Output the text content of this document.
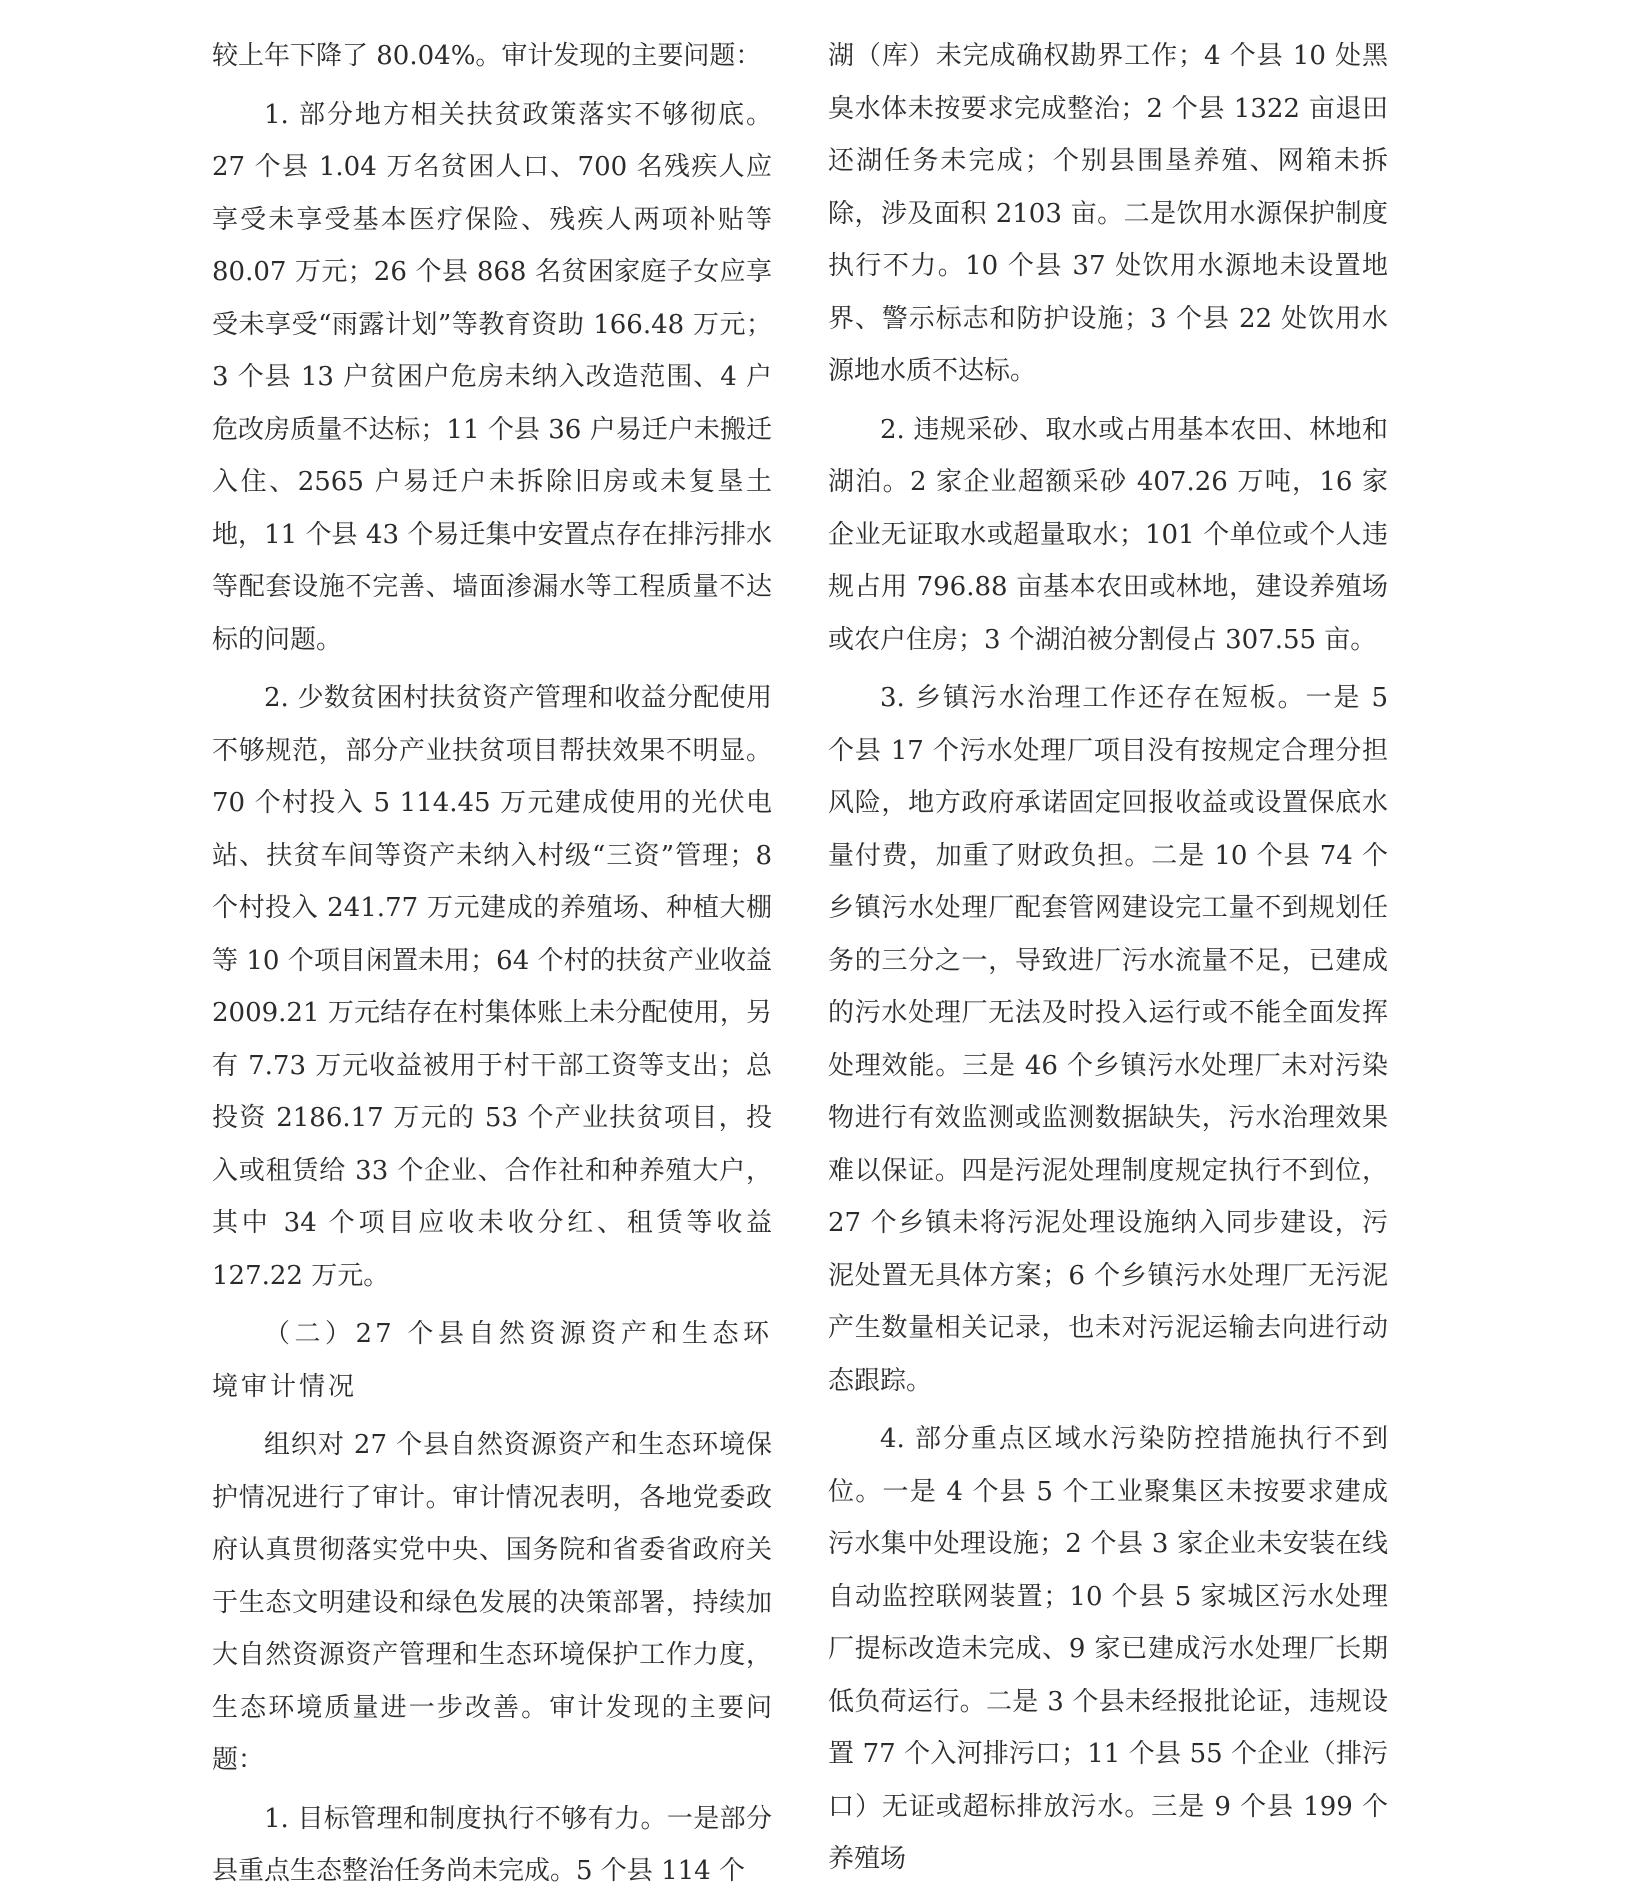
较上年下降了 80.04%。审计发现的主要问题：

1. 部分地方相关扶贫政策落实不够彻底。27 个县 1.04 万名贫困人口、700 名残疾人应享受未享受基本医疗保险、残疾人两项补贴等 80.07 万元；26 个县 868 名贫困家庭子女应享受未享受“雨露计划”等教育资助 166.48 万元；3 个县 13 户贫困户危房未纳入改造范围、4 户危改房质量不达标；11 个县 36 户易迁户未搬迁入住、2565 户易迁户未拆除旧房或未复垦土地，11 个县 43 个易迁集中安置点存在排污排水等配套设施不完善、墙面渗漏水等工程质量不达标的问题。

2. 少数贫困村扶贫资产管理和收益分配使用不够规范，部分产业扶贫项目帮扶效果不明显。70 个村投入 5 114.45 万元建成使用的光伏电站、扶贫车间等资产未纳入村级“三资”管理；8 个村投入 241.77 万元建成的养殖场、种植大棚等 10 个项目闲置未用；64 个村的扶贫产业收益 2009.21 万元结存在村集体账上未分配使用，另有 7.73 万元收益被用于村干部工资等支出；总投资 2186.17 万元的 53 个产业扶贫项目，投入或租赁给 33 个企业、合作社和种养殖大户，其中 34 个项目应收未收分红、租赁等收益 127.22 万元。

（二）27 个县自然资源资产和生态环境审计情况

组织对 27 个县自然资源资产和生态环境保护情况进行了审计。审计情况表明，各地党委政府认真贯彻落实党中央、国务院和省委省政府关于生态文明建设和绿色发展的决策部署，持续加大自然资源资产管理和生态环境保护工作力度，生态环境质量进一步改善。审计发现的主要问题：

1. 目标管理和制度执行不够有力。一是部分县重点生态整治任务尚未完成。5 个县 114 个

湖（库）未完成确权勘界工作；4 个县 10 处黑臭水体未按要求完成整治；2 个县 1322 亩退田还湖任务未完成；个别县围垦养殖、网箱未拆除，涉及面积 2103 亩。二是饮用水源保护制度执行不力。10 个县 37 处饮用水源地未设置地界、警示标志和防护设施；3 个县 22 处饮用水源地水质不达标。

2. 违规采砂、取水或占用基本农田、林地和湖泊。2 家企业超额采砂 407.26 万吨，16 家企业无证取水或超量取水；101 个单位或个人违规占用 796.88 亩基本农田或林地，建设养殖场或农户住房；3 个湖泊被分割侵占 307.55 亩。

3. 乡镇污水治理工作还存在短板。一是 5 个县 17 个污水处理厂项目没有按规定合理分担风险，地方政府承诺固定回报收益或设置保底水量付费，加重了财政负担。二是 10 个县 74 个乡镇污水处理厂配套管网建设完工量不到规划任务的三分之一，导致进厂污水流量不足，已建成的污水处理厂无法及时投入运行或不能全面发挥处理效能。三是 46 个乡镇污水处理厂未对污染物进行有效监测或监测数据缺失，污水治理效果难以保证。四是污泥处理制度规定执行不到位，27 个乡镇未将污泥处理设施纳入同步建设，污泥处置无具体方案；6 个乡镇污水处理厂无污泥产生数量相关记录，也未对污泥运输去向进行动态跟踪。

4. 部分重点区域水污染防控措施执行不到位。一是 4 个县 5 个工业聚集区未按要求建成污水集中处理设施；2 个县 3 家企业未安装在线自动监控联网装置；10 个县 5 家城区污水处理厂提标改造未完成、9 家已建成污水处理厂长期低负荷运行。二是 3 个县未经报批论证，违规设置 77 个入河排污口；11 个县 55 个企业（排污口）无证或超标排放污水。三是 9 个县 199 个养殖场
